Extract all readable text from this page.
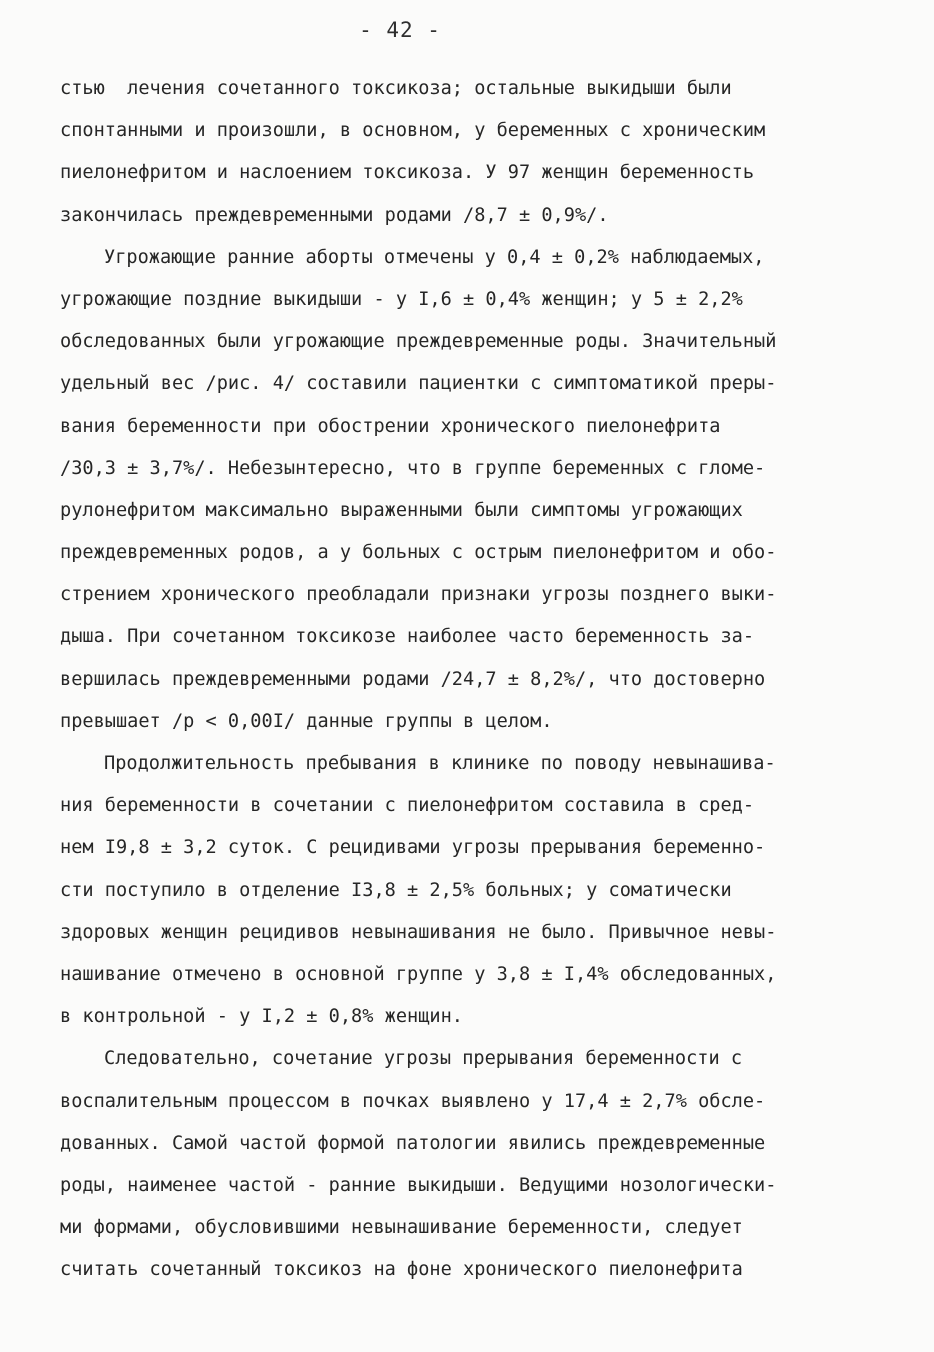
- 42 -
стью  лечения сочетанного токсикоза; остальные выкидыши были
спонтанными и произошли, в основном, у беременных с хроническим
пиелонефритом и наслоением токсикоза. У 97 женщин беременность
закончилась преждевременными родами /8,7 ± 0,9%/.
Угрожающие ранние аборты отмечены у 0,4 ± 0,2% наблюдаемых,
угрожающие поздние выкидыши - у I,6 ± 0,4% женщин; у 5 ± 2,2%
обследованных были угрожающие преждевременные роды. Значительный
удельный вес /рис. 4/ составили пациентки с симптоматикой преры-
вания беременности при обострении хронического пиелонефрита
/30,3 ± 3,7%/. Небезынтересно, что в группе беременных с гломе-
рулонефритом максимально выраженными были симптомы угрожающих
преждевременных родов, а у больных с острым пиелонефритом и обо-
стрением хронического преобладали признаки угрозы позднего выки-
дыша. При сочетанном токсикозе наиболее часто беременность за-
вершилась преждевременными родами /24,7 ± 8,2%/, что достоверно
превышает /р < 0,00I/ данные группы в целом.
Продолжительность пребывания в клинике по поводу невынашива-
ния беременности в сочетании с пиелонефритом составила в сред-
нем I9,8 ± 3,2 суток. С рецидивами угрозы прерывания беременно-
сти поступило в отделение I3,8 ± 2,5% больных; у соматически
здоровых женщин рецидивов невынашивания не было. Привычное невы-
нашивание отмечено в основной группе у 3,8 ± I,4% обследованных,
в контрольной - у I,2 ± 0,8% женщин.
Следовательно, сочетание угрозы прерывания беременности с
воспалительным процессом в почках выявлено у 17,4 ± 2,7% обсле-
дованных. Самой частой формой патологии явились преждевременные
роды, наименее частой - ранние выкидыши. Ведущими нозологически-
ми формами, обусловившими невынашивание беременности, следует
считать сочетанный токсикоз на фоне хронического пиелонефрита
